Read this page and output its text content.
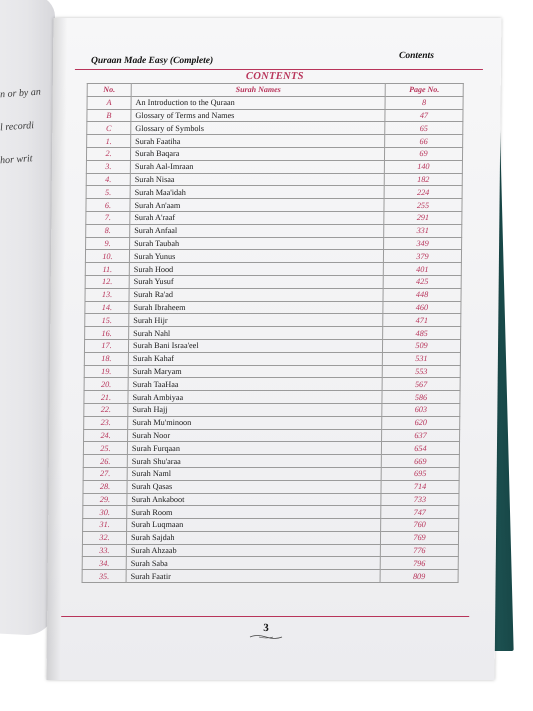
n or by an

l recordi

hor writ

Quraan Made Easy (Complete)	Contents
CONTENTS
No.	Surah Names	Page No.
A	An Introduction to the Quraan	8
B	Glossary of Terms and Names	47
C	Glossary of Symbols	65
1.	Surah Faatiha	66
2.	Surah Baqara	69
3.	Surah Aal-Imraan	140
4.	Surah Nisaa	182
5.	Surah Maa'idah	224
6.	Surah An'aam	255
7.	Surah A'raaf	291
8.	Surah Anfaal	331
9.	Surah Taubah	349
10.	Surah Yunus	379
11.	Surah Hood	401
12.	Surah Yusuf	425
13.	Surah Ra'ad	448
14.	Surah Ibraheem	460
15.	Surah Hijr	471
16.	Surah Nahl	485
17.	Surah Bani Israa'eel	509
18.	Surah Kahaf	531
19.	Surah Maryam	553
20.	Surah TaaHaa	567
21.	Surah Ambiyaa	586
22.	Surah Hajj	603
23.	Surah Mu'minoon	620
24.	Surah Noor	637
25.	Surah Furqaan	654
26.	Surah Shu'araa	669
27.	Surah Naml	695
28.	Surah Qasas	714
29.	Surah Ankaboot	733
30.	Surah Room	747
31.	Surah Luqmaan	760
32.	Surah Sajdah	769
33.	Surah Ahzaab	776
34.	Surah Saba	796
35.	Surah Faatir	809
3
